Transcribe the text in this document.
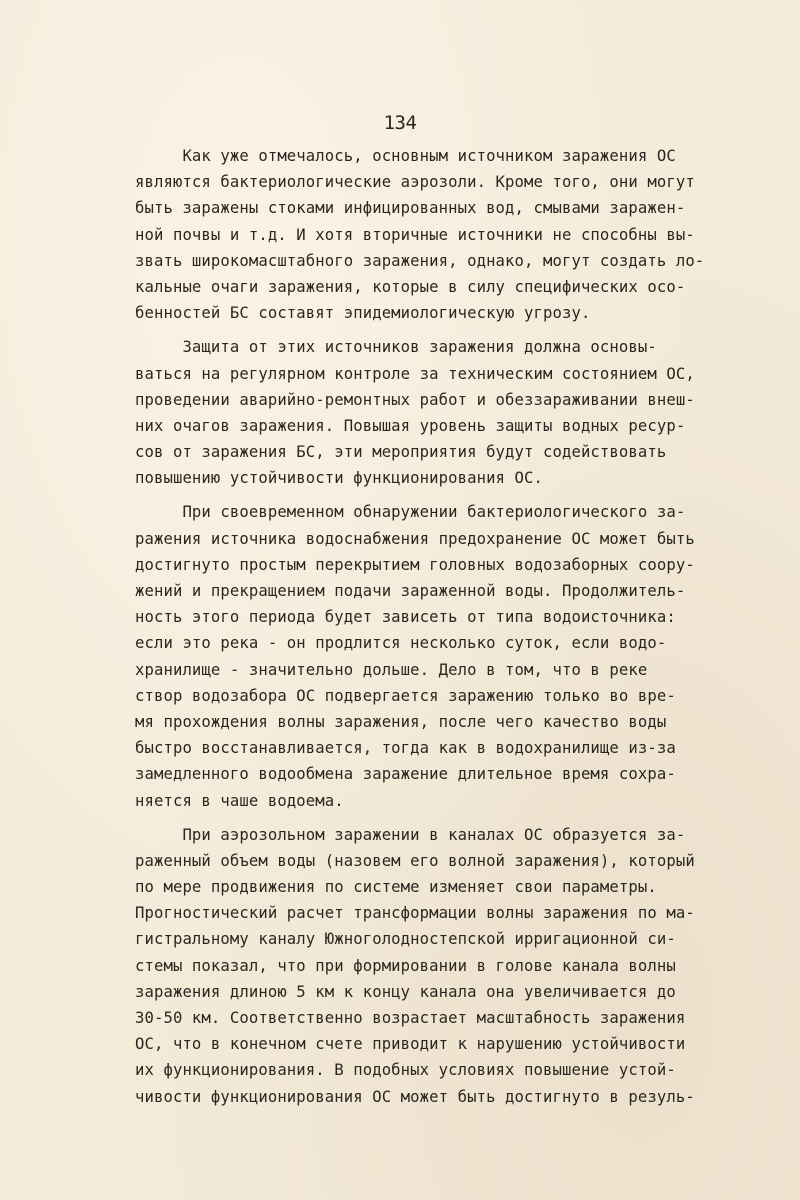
134
Как уже отмечалось, основным источником заражения ОС
являются бактериологические аэрозоли. Кроме того, они могут
быть заражены стоками инфицированных вод, смывами заражен-
ной почвы и т.д. И хотя вторичные источники не способны вы-
звать широкомасштабного заражения, однако, могут создать ло-
кальные очаги заражения, которые в силу специфических осо-
бенностей БС составят эпидемиологическую угрозу.
Защита от этих источников заражения должна основы-
ваться на регулярном контроле за техническим состоянием ОС,
проведении аварийно-ремонтных работ и обеззараживании внеш-
них очагов заражения. Повышая уровень защиты водных ресур-
сов от заражения БС, эти мероприятия будут содействовать
повышению устойчивости функционирования ОС.
При своевременном обнаружении бактериологического за-
ражения источника водоснабжения предохранение ОС может быть
достигнуто простым перекрытием головных водозаборных соору-
жений и прекращением подачи зараженной воды. Продолжитель-
ность этого периода будет зависеть от типа водоисточника:
если это река - он продлится несколько суток, если водо-
хранилище - значительно дольше. Дело в том, что в реке
створ водозабора ОС подвергается заражению только во вре-
мя прохождения волны заражения, после чего качество воды
быстро восстанавливается, тогда как в водохранилище из-за
замедленного водообмена заражение длительное время сохра-
няется в чаше водоема.
При аэрозольном заражении в каналах ОС образуется за-
раженный объем воды (назовем его волной заражения), который
по мере продвижения по системе изменяет свои параметры.
Прогностический расчет трансформации волны заражения по ма-
гистральному каналу Южноголодностепской ирригационной си-
стемы показал, что при формировании в голове канала волны
заражения длиною 5 км к концу канала она увеличивается до
30-50 км. Соответственно возрастает масштабность заражения
ОС, что в конечном счете приводит к нарушению устойчивости
их функционирования. В подобных условиях повышение устой-
чивости функционирования ОС может быть достигнуто в резуль-
